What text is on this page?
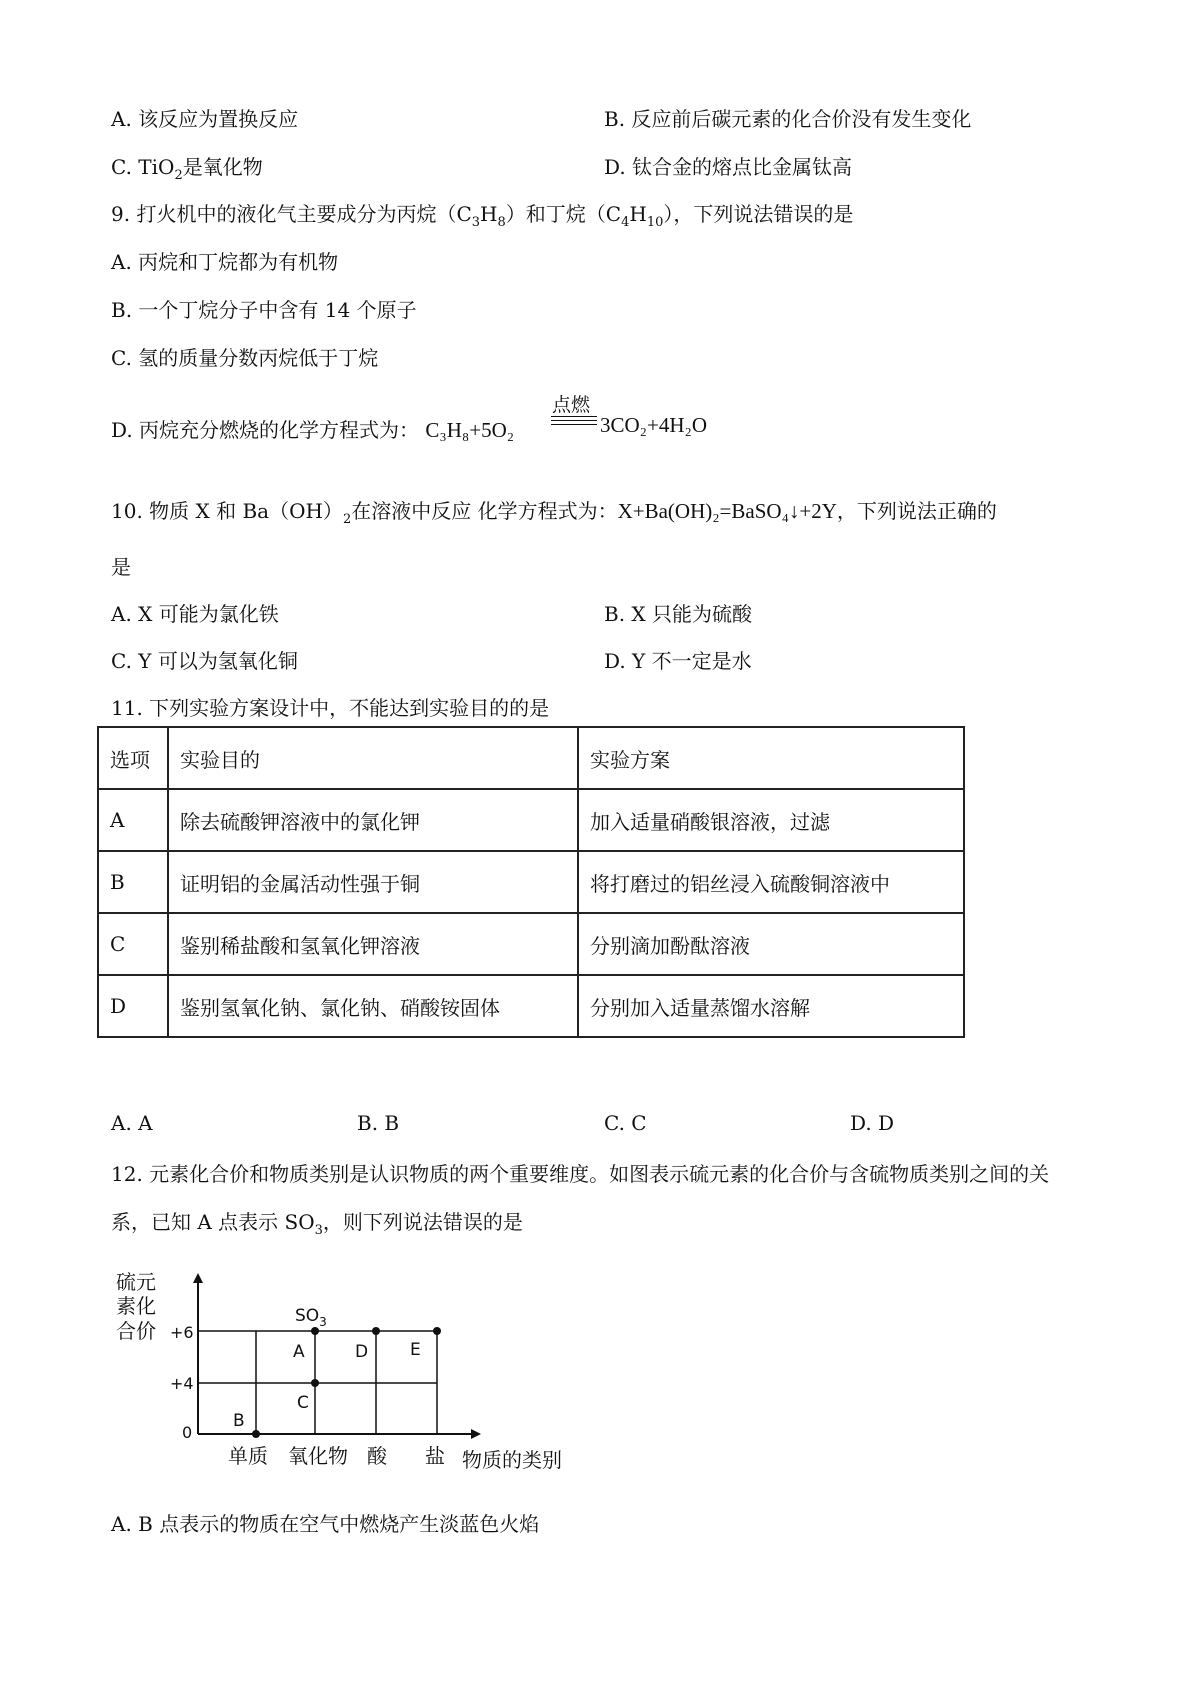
A. 该反应为置换反应	B. 反应前后碳元素的化合价没有发生变化
C. TiO$_2$是氧化物	D. 钛合金的熔点比金属钛高
9. 打火机中的液化气主要成分为丙烷$(C_3H_8)$和丁烷$(C_4H_{10})$，下列说法错误的是
A. 丙烷和丁烷都为有机物
B. 一个丁烷分子中含有 14 个原子
C. 氢的质量分数丙烷低于丁烷
D. 丙烷充分燃烧的化学方程式为： C₃H₈+5O₂
点燃
3CO₂+4H₂O
10. 物质 X 和 $Ba(OH)_2$在溶液中反应 化学方程式为：X+Ba(OH)₂=BaSO₄↓+2Y，下列说法正确的
是
A. X 可能为氯化铁	B. X 只能为硫酸
C. Y 可以为氢氧化铜	D. Y 不一定是水
11. 下列实验方案设计中，不能达到实验目的的是
选项	实验目的	实验方案
A	除去硫酸钾溶液中的氯化钾	加入适量硝酸银溶液，过滤
B	证明铝的金属活动性强于铜	将打磨过的铝丝浸入硫酸铜溶液中
C	鉴别稀盐酸和氢氧化钾溶液	分别滴加酚酞溶液
D	鉴别氢氧化钠、氯化钠、硝酸铵固体	分别加入适量蒸馏水溶解
A. A	B. B	C. C	D. D
12. 元素化合价和物质类别是认识物质的两个重要维度。如图表示硫元素的化合价与含硫物质类别之间的关
系，已知 A 点表示 $SO_3$，则下列说法错误的是
硫元
素化
合价 +6
+4
0
单质 氧化物 酸 盐 物质的类别
$SO_3$
A
B
C
D E
A. B 点表示的物质在空气中燃烧产生淡蓝色火焰
